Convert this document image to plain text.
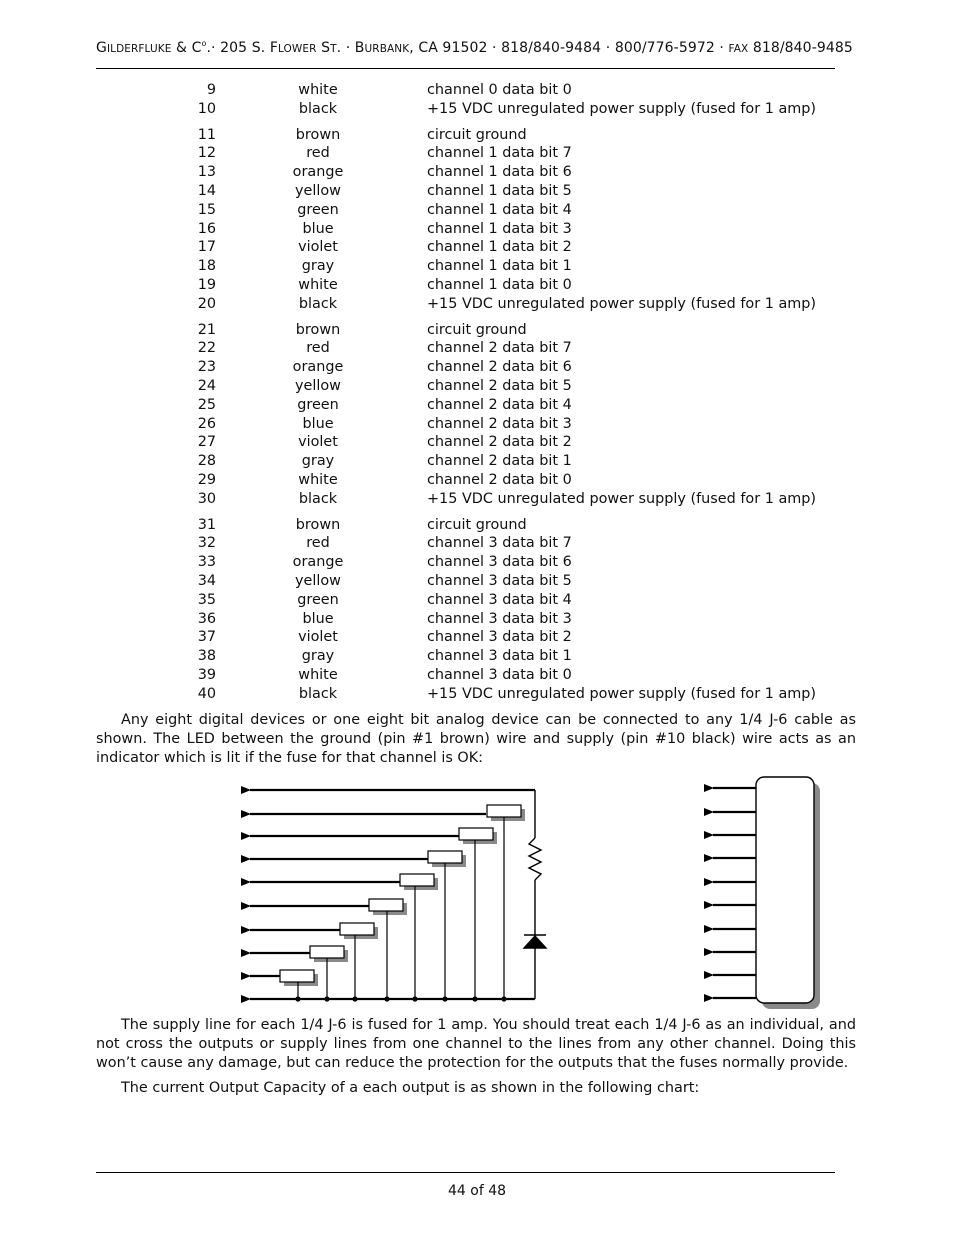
GILDERFLUKE & $C^o.\cdot 205$ S. FLOWER ST. · BURBANK, CA 91502 · 818/840-9484 · 800/776-5972 · FAX 818/840-9485
9	white	channel 0 data bit 0
10	black	+15 VDC unregulated power supply (fused for 1 amp)
11	brown	circuit ground
12	red	channel 1 data bit 7
13	orange	channel 1 data bit 6
14	yellow	channel 1 data bit 5
15	green	channel 1 data bit 4
16	blue	channel 1 data bit 3
17	violet	channel 1 data bit 2
18	gray	channel 1 data bit 1
19	white	channel 1 data bit 0
20	black	+15 VDC unregulated power supply (fused for 1 amp)
21	brown	circuit ground
22	red	channel 2 data bit 7
23	orange	channel 2 data bit 6
24	yellow	channel 2 data bit 5
25	green	channel 2 data bit 4
26	blue	channel 2 data bit 3
27	violet	channel 2 data bit 2
28	gray	channel 2 data bit 1
29	white	channel 2 data bit 0
30	black	+15 VDC unregulated power supply (fused for 1 amp)
31	brown	circuit ground
32	red	channel 3 data bit 7
33	orange	channel 3 data bit 6
34	yellow	channel 3 data bit 5
35	green	channel 3 data bit 4
36	blue	channel 3 data bit 3
37	violet	channel 3 data bit 2
38	gray	channel 3 data bit 1
39	white	channel 3 data bit 0
40	black	+15 VDC unregulated power supply (fused for 1 amp)
Any eight digital devices or one eight bit analog device can be connected to any 1/4 J-6 cable as shown. The LED between the ground (pin #1 brown) wire and supply (pin #10 black) wire acts as an indicator which is lit if the fuse for that channel is OK:
The supply line for each 1/4 J-6 is fused for 1 amp. You should treat each 1/4 J-6 as an individual, and not cross the outputs or supply lines from one channel to the lines from any other channel. Doing this won’t cause any damage, but can reduce the protection for the outputs that the fuses normally provide.
The current Output Capacity of a each output is as shown in the following chart:
44 of 48
